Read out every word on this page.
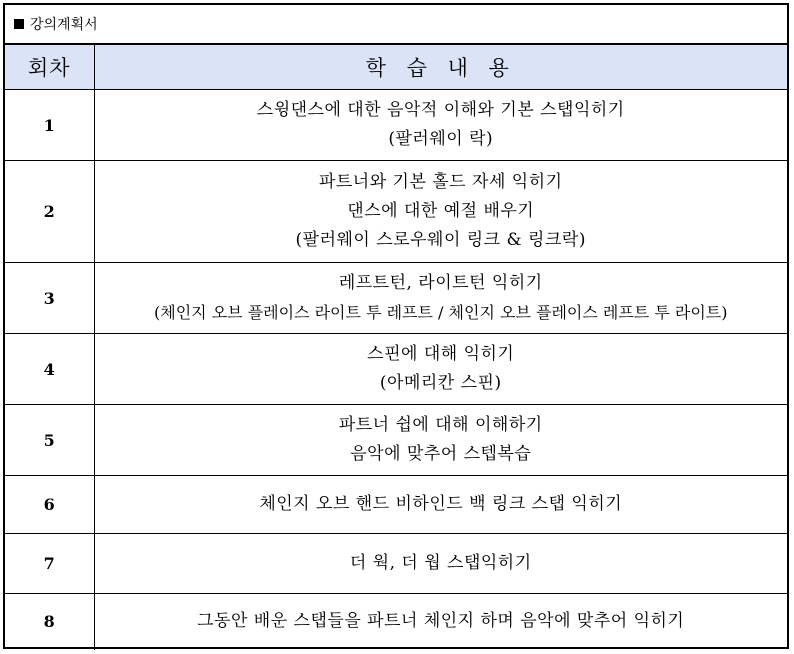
강의계획서
회차	학 습 내 용
1	스윙댄스에 대한 음악적 이해와 기본 스탭익히기
(팔러웨이 락)

2	파트너와 기본 홀드 자세 익히기
댄스에 대한 예절 배우기
(팔러웨이 스로우웨이 링크 & 링크락)

3	레프트턴, 라이트턴 익히기
(체인지 오브 플레이스 라이트 투 레프트 / 체인지 오브 플레이스 레프트 투 라이트)

4	스핀에 대해 익히기
(아메리칸 스핀)

5	파트너 쉽에 대해 이해하기
음악에 맞추어 스텝복습

6	체인지 오브 핸드 비하인드 백 링크 스탭 익히기

7	더 웍, 더 웝 스탭익히기

8	그동안 배운 스탭들을 파트너 체인지 하며 음악에 맞추어 익히기
